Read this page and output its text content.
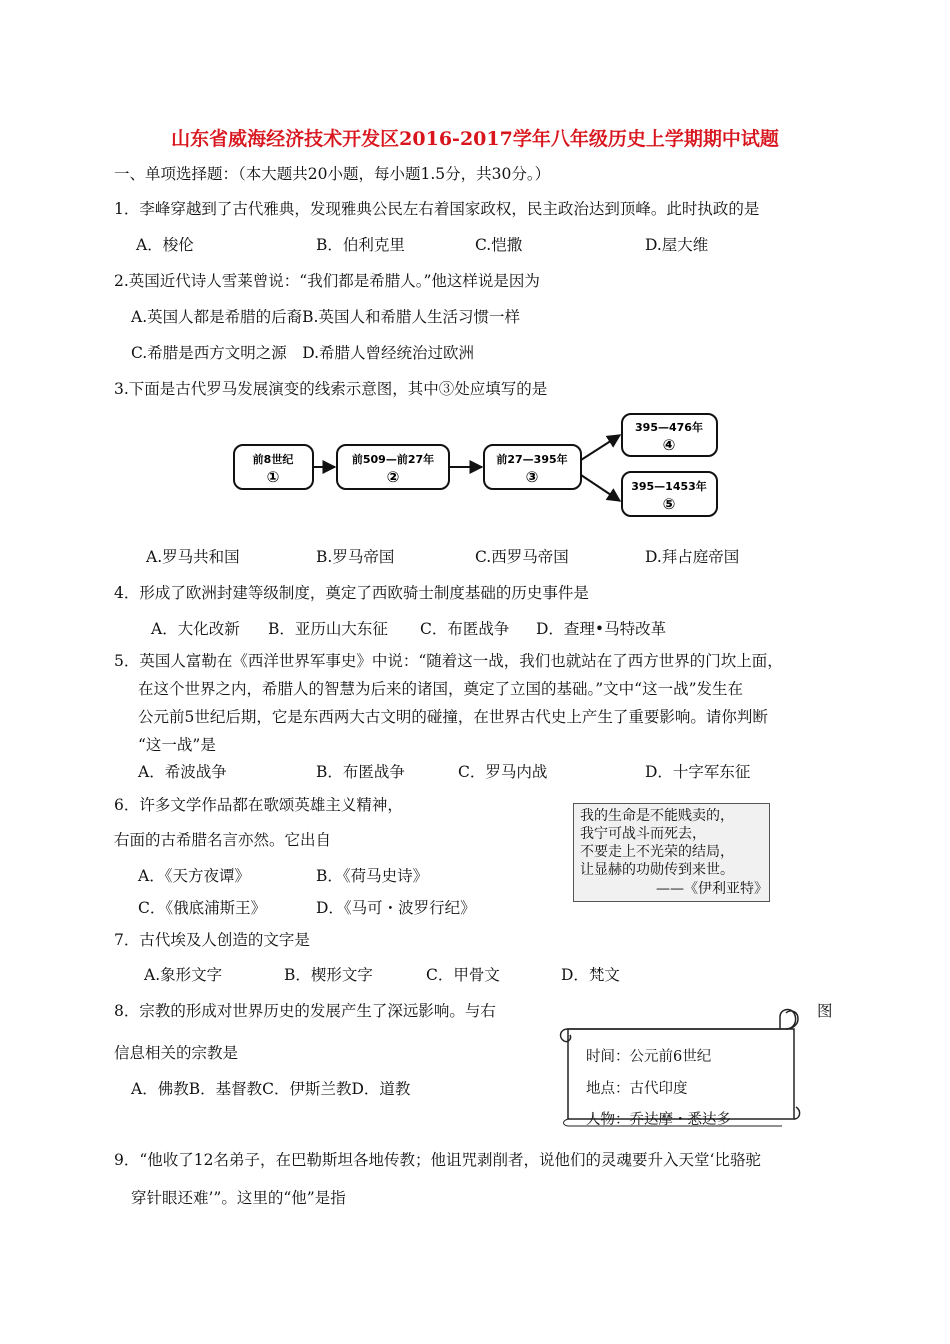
山东省威海经济技术开发区2016-2017学年八年级历史上学期期中试题
一、单项选择题：（本大题共20小题，每小题1.5分，共30分。）
1．李峰穿越到了古代雅典，发现雅典公民左右着国家政权，民主政治达到顶峰。此时执政的是
A．梭伦	B．伯利克里	C.恺撒	D.屋大维
2.英国近代诗人雪莱曾说：“我们都是希腊人。”他这样说是因为
A.英国人都是希腊的后裔B.英国人和希腊人生活习惯一样
C.希腊是西方文明之源　D.希腊人曾经统治过欧洲
3.下面是古代罗马发展演变的线索示意图，其中③处应填写的是
前8世纪
①
前509—前27年
②
前27—395年
③
395—476年
④
395—1453年
⑤
A.罗马共和国	B.罗马帝国	C.西罗马帝国	D.拜占庭帝国
4．形成了欧洲封建等级制度，奠定了西欧骑士制度基础的历史事件是
A．大化改新 B．亚历山大东征 C．布匿战争 D．查理•马特改革
5．英国人富勒在《西洋世界军事史》中说：“随着这一战，我们也就站在了西方世界的门坎上面，
在这个世界之内，希腊人的智慧为后来的诸国，奠定了立国的基础。”文中“这一战”发生在
公元前5世纪后期，它是东西两大古文明的碰撞，在世界古代史上产生了重要影响。请你判断
“这一战”是
A．希波战争	B．布匿战争	C．罗马内战	D．十字军东征
6．许多文学作品都在歌颂英雄主义精神，
右面的古希腊名言亦然。它出自
我的生命是不能贱卖的，
我宁可战斗而死去，
不要走上不光荣的结局，
让显赫的功勋传到来世。
——《伊利亚特》
A．《天方夜谭》	B．《荷马史诗》
C．《俄底浦斯王》	D．《马可・波罗行纪》
7．古代埃及人创造的文字是
A.象形文字	B．楔形文字	C．甲骨文	D．梵文
8．宗教的形成对世界历史的发展产生了深远影响。与右	图
信息相关的宗教是	时间：公元前6世纪
地点：古代印度
人物：乔达摩・悉达多
A．佛教B．基督教C．伊斯兰教D．道教
9．“他收了12名弟子，在巴勒斯坦各地传教；他诅咒剥削者，说他们的灵魂要升入天堂‘比骆驼
穿针眼还难’”。这里的“他”是指
